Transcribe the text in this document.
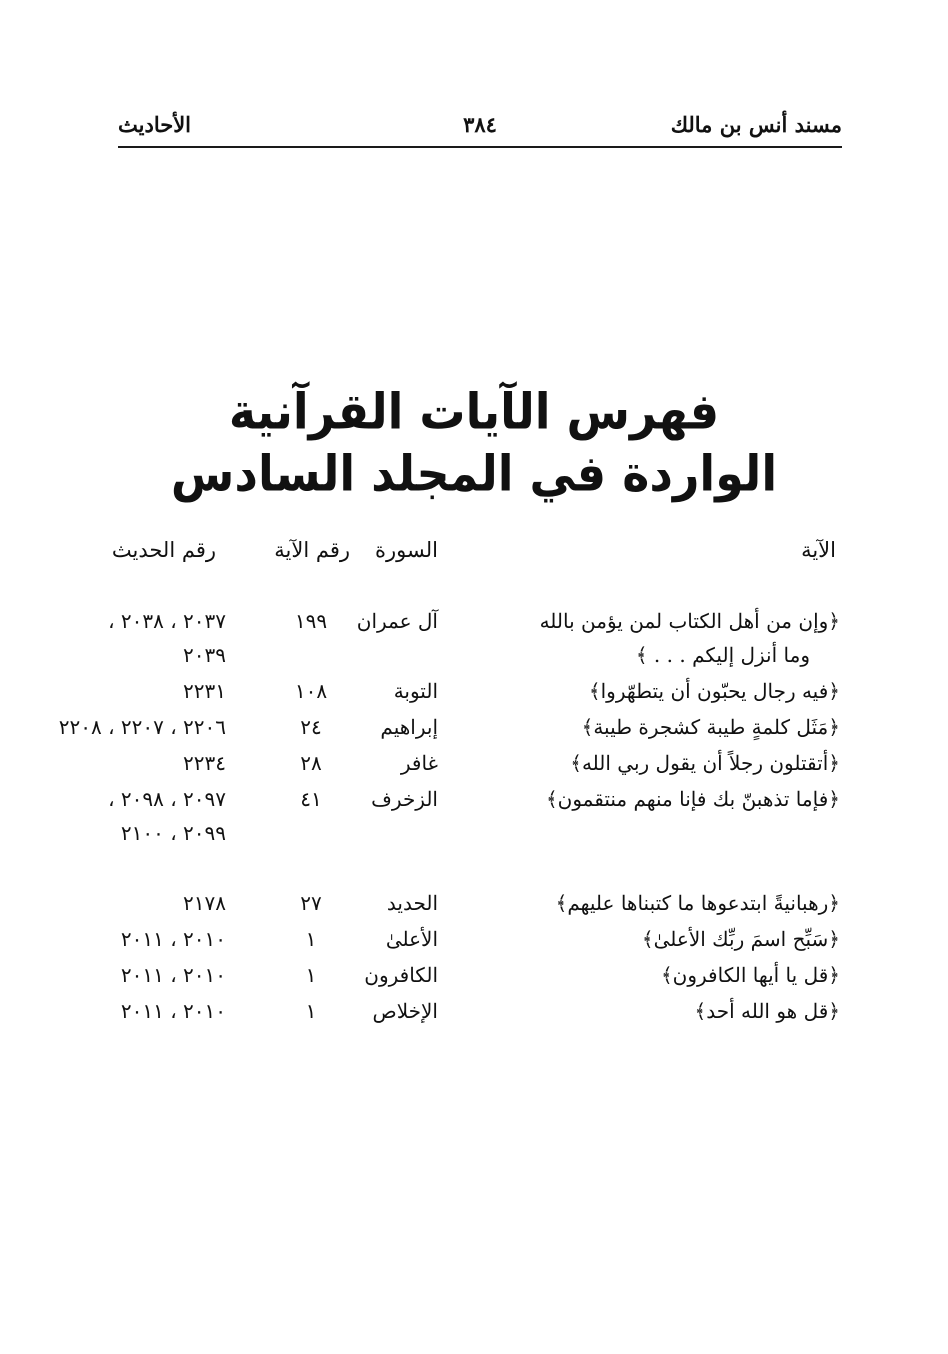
مسند أنس بن مالك
٣٨٤
الأحاديث
فهرس الآيات القرآنية
الواردة في المجلد السادس
الآية
السورة
رقم الآية
رقم الحديث
﴿وإن من أهل الكتاب لمن يؤمن بالله
وما أنزل إليكم . . . ﴾
آل عمران
١٩٩
٢٠٣٧ ، ٢٠٣٨ ،
٢٠٣٩
﴿فيه رجال يحبّون أن يتطهّروا﴾
التوبة
١٠٨
٢٢٣١
﴿مَثَل كلمةٍ طيبة كشجرة طيبة﴾
إبراهيم
٢٤
٢٢٠٦ ، ٢٢٠٧ ، ٢٢٠٨
﴿أتقتلون رجلاً أن يقول ربي الله﴾
غافر
٢٨
٢٢٣٤
﴿فإما تذهبنّ بك فإنا منهم منتقمون﴾
الزخرف
٤١
٢٠٩٧ ، ٢٠٩٨ ،
٢٠٩٩ ، ٢١٠٠
﴿رهبانيةً ابتدعوها ما كتبناها عليهم﴾
الحديد
٢٧
٢١٧٨
﴿سَبِّح اسمَ ربِّك الأعلىٰ﴾
الأعلىٰ
١
٢٠١٠ ، ٢٠١١
﴿قل يا أيها الكافرون﴾
الكافرون
١
٢٠١٠ ، ٢٠١١
﴿قل هو الله أحد﴾
الإخلاص
١
٢٠١٠ ، ٢٠١١
